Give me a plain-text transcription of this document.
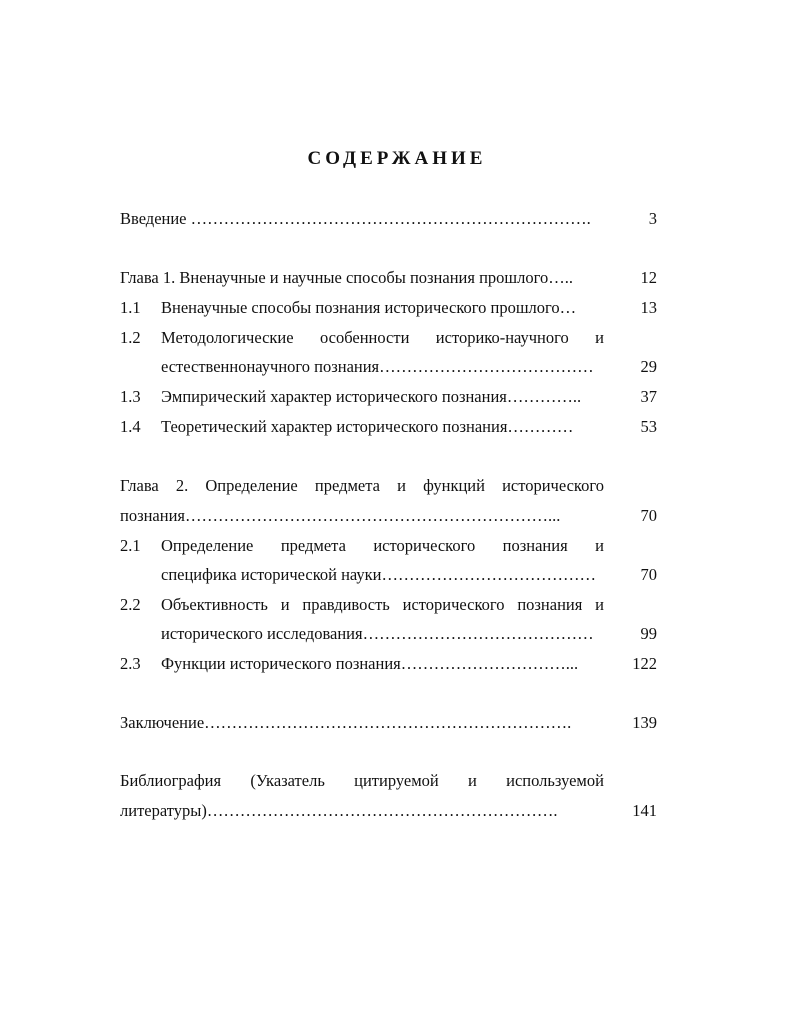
СОДЕРЖАНИЕ
Введение ……………………………………………………………….	3
Глава 1. Вненаучные и научные способы познания прошлого…..	12
1.1 Вненаучные способы познания исторического прошлого…	13
1.2 Методологические особенности историко-научного и
естественнонаучного познания…………………………………	29
1.3 Эмпирический характер исторического познания…………..	37
1.4 Теоретический характер исторического познания…………	53
Глава 2. Определение предмета и функций исторического
познания…………………………………………………………...	70
2.1 Определение предмета исторического познания и
специфика исторической науки…………………………………	70
2.2 Объективность и правдивость исторического познания и
исторического исследования……………………………………	99
2.3 Функции исторического познания…………………………...	122
Заключение………………………………………………………….	139
Библиография (Указатель цитируемой и используемой
литературы)……………………………………………………….	141
